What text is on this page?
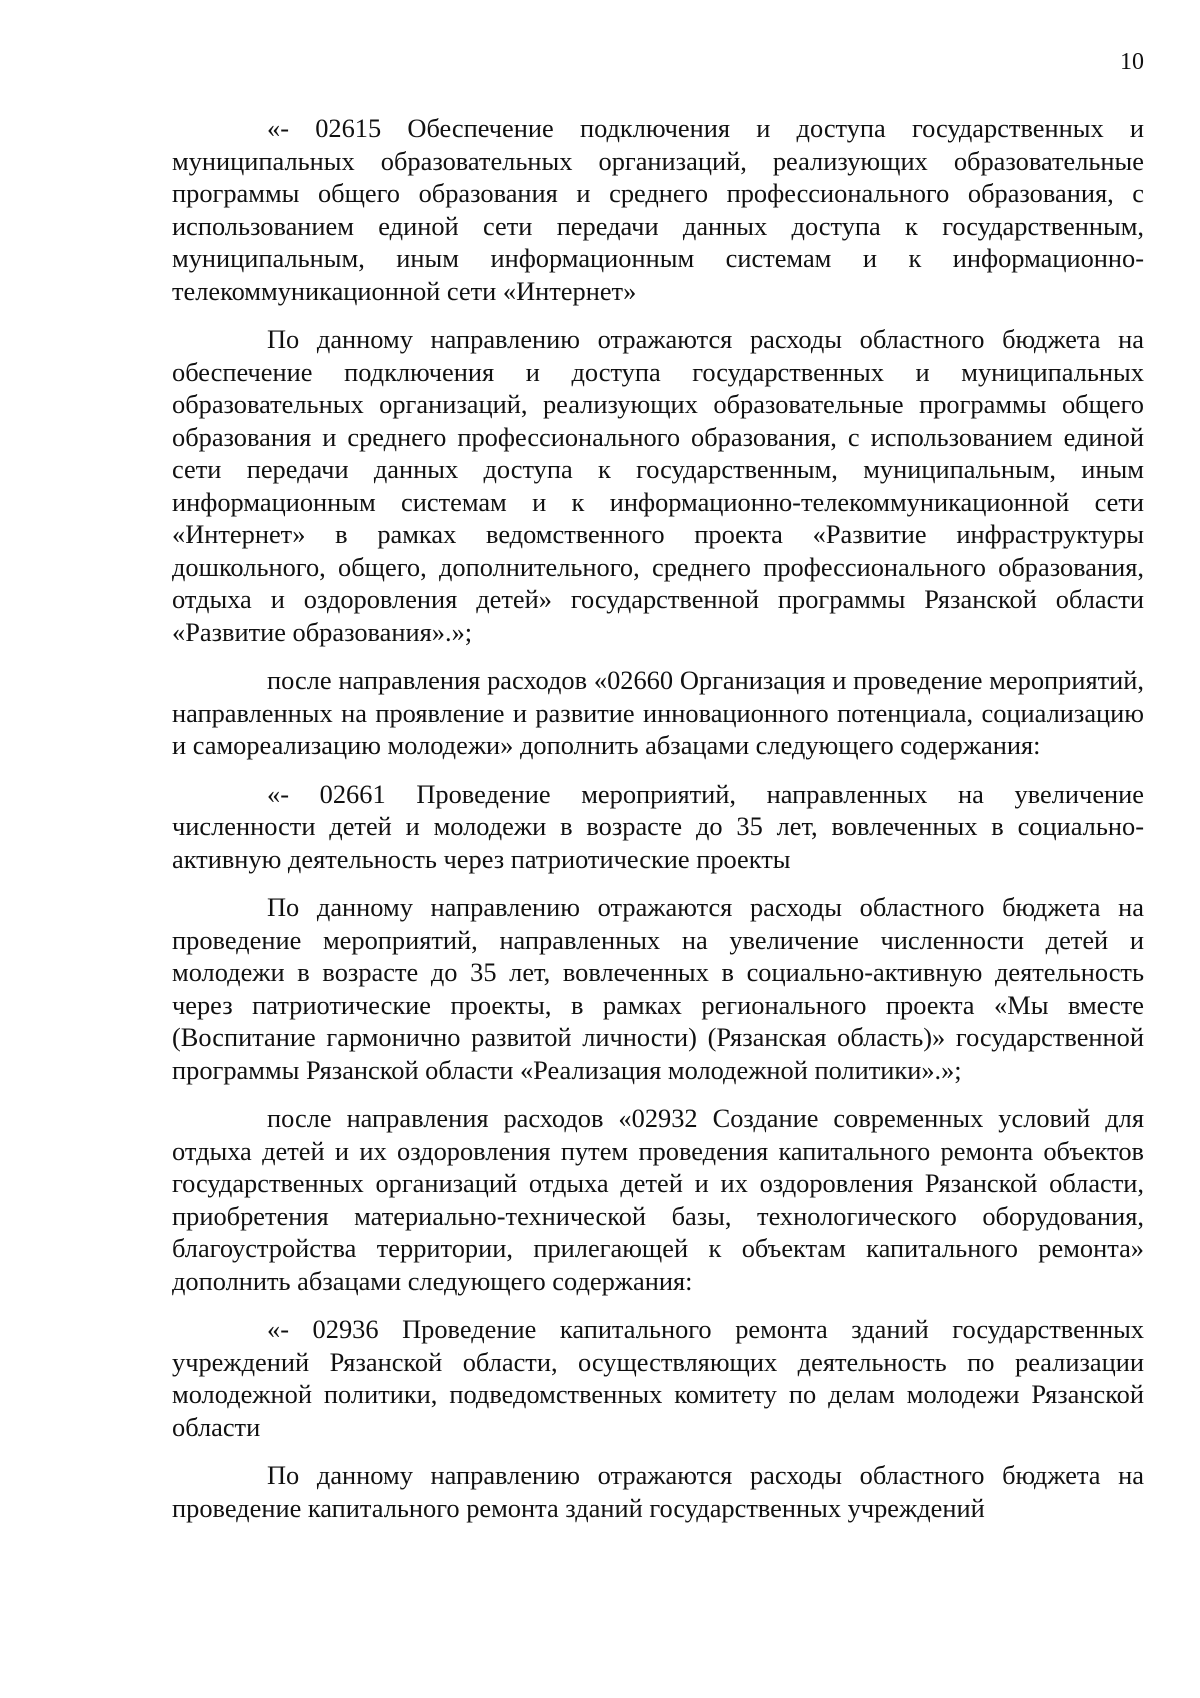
10

«- 02615 Обеспечение подключения и доступа государственных и муниципальных образовательных организаций, реализующих образовательные программы общего образования и среднего профессионального образования, с использованием единой сети передачи данных доступа к государственным, муниципальным, иным информационным системам и к информационно-телекоммуникационной сети «Интернет»

По данному направлению отражаются расходы областного бюджета на обеспечение подключения и доступа государственных и муниципальных образовательных организаций, реализующих образовательные программы общего образования и среднего профессионального образования, с использованием единой сети передачи данных доступа к государственным, муниципальным, иным информационным системам и к информационно-телекоммуникационной сети «Интернет» в рамках ведомственного проекта «Развитие инфраструктуры дошкольного, общего, дополнительного, среднего профессионального образования, отдыха и оздоровления детей» государственной программы Рязанской области «Развитие образования».»;

после направления расходов «02660 Организация и проведение мероприятий, направленных на проявление и развитие инновационного потенциала, социализацию и самореализацию молодежи» дополнить абзацами следующего содержания:

«- 02661 Проведение мероприятий, направленных на увеличение численности детей и молодежи в возрасте до 35 лет, вовлеченных в социально-активную деятельность через патриотические проекты

По данному направлению отражаются расходы областного бюджета на проведение мероприятий, направленных на увеличение численности детей и молодежи в возрасте до 35 лет, вовлеченных в социально-активную деятельность через патриотические проекты, в рамках регионального проекта «Мы вместе (Воспитание гармонично развитой личности) (Рязанская область)» государственной программы Рязанской области «Реализация молодежной политики».»;

после направления расходов «02932 Создание современных условий для отдыха детей и их оздоровления путем проведения капитального ремонта объектов государственных организаций отдыха детей и их оздоровления Рязанской области, приобретения материально-технической базы, технологического оборудования, благоустройства территории, прилегающей к объектам капитального ремонта» дополнить абзацами следующего содержания:

«- 02936 Проведение капитального ремонта зданий государственных учреждений Рязанской области, осуществляющих деятельность по реализации молодежной политики, подведомственных комитету по делам молодежи Рязанской области

По данному направлению отражаются расходы областного бюджета на проведение капитального ремонта зданий государственных учреждений
